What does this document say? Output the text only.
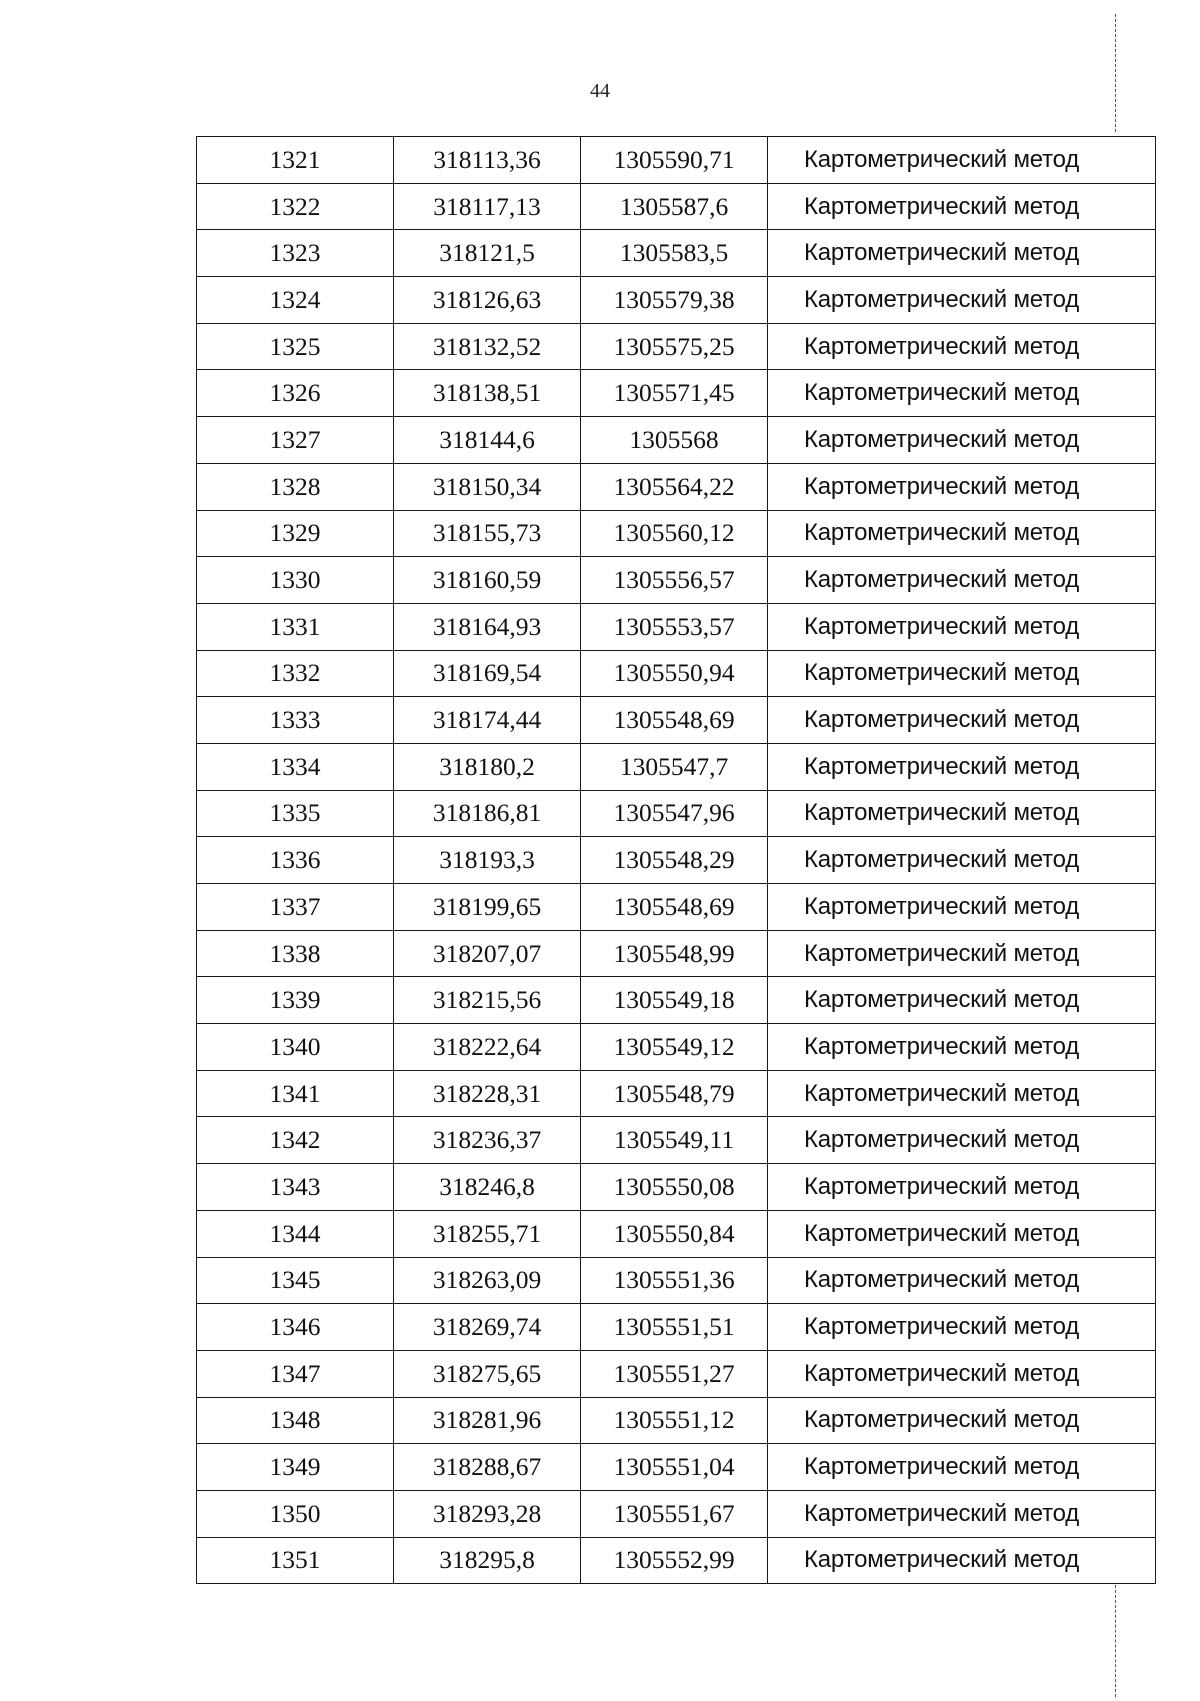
44
1321	318113,36	1305590,71	Картометрический метод
1322	318117,13	1305587,6	Картометрический метод
1323	318121,5	1305583,5	Картометрический метод
1324	318126,63	1305579,38	Картометрический метод
1325	318132,52	1305575,25	Картометрический метод
1326	318138,51	1305571,45	Картометрический метод
1327	318144,6	1305568	Картометрический метод
1328	318150,34	1305564,22	Картометрический метод
1329	318155,73	1305560,12	Картометрический метод
1330	318160,59	1305556,57	Картометрический метод
1331	318164,93	1305553,57	Картометрический метод
1332	318169,54	1305550,94	Картометрический метод
1333	318174,44	1305548,69	Картометрический метод
1334	318180,2	1305547,7	Картометрический метод
1335	318186,81	1305547,96	Картометрический метод
1336	318193,3	1305548,29	Картометрический метод
1337	318199,65	1305548,69	Картометрический метод
1338	318207,07	1305548,99	Картометрический метод
1339	318215,56	1305549,18	Картометрический метод
1340	318222,64	1305549,12	Картометрический метод
1341	318228,31	1305548,79	Картометрический метод
1342	318236,37	1305549,11	Картометрический метод
1343	318246,8	1305550,08	Картометрический метод
1344	318255,71	1305550,84	Картометрический метод
1345	318263,09	1305551,36	Картометрический метод
1346	318269,74	1305551,51	Картометрический метод
1347	318275,65	1305551,27	Картометрический метод
1348	318281,96	1305551,12	Картометрический метод
1349	318288,67	1305551,04	Картометрический метод
1350	318293,28	1305551,67	Картометрический метод
1351	318295,8	1305552,99	Картометрический метод
